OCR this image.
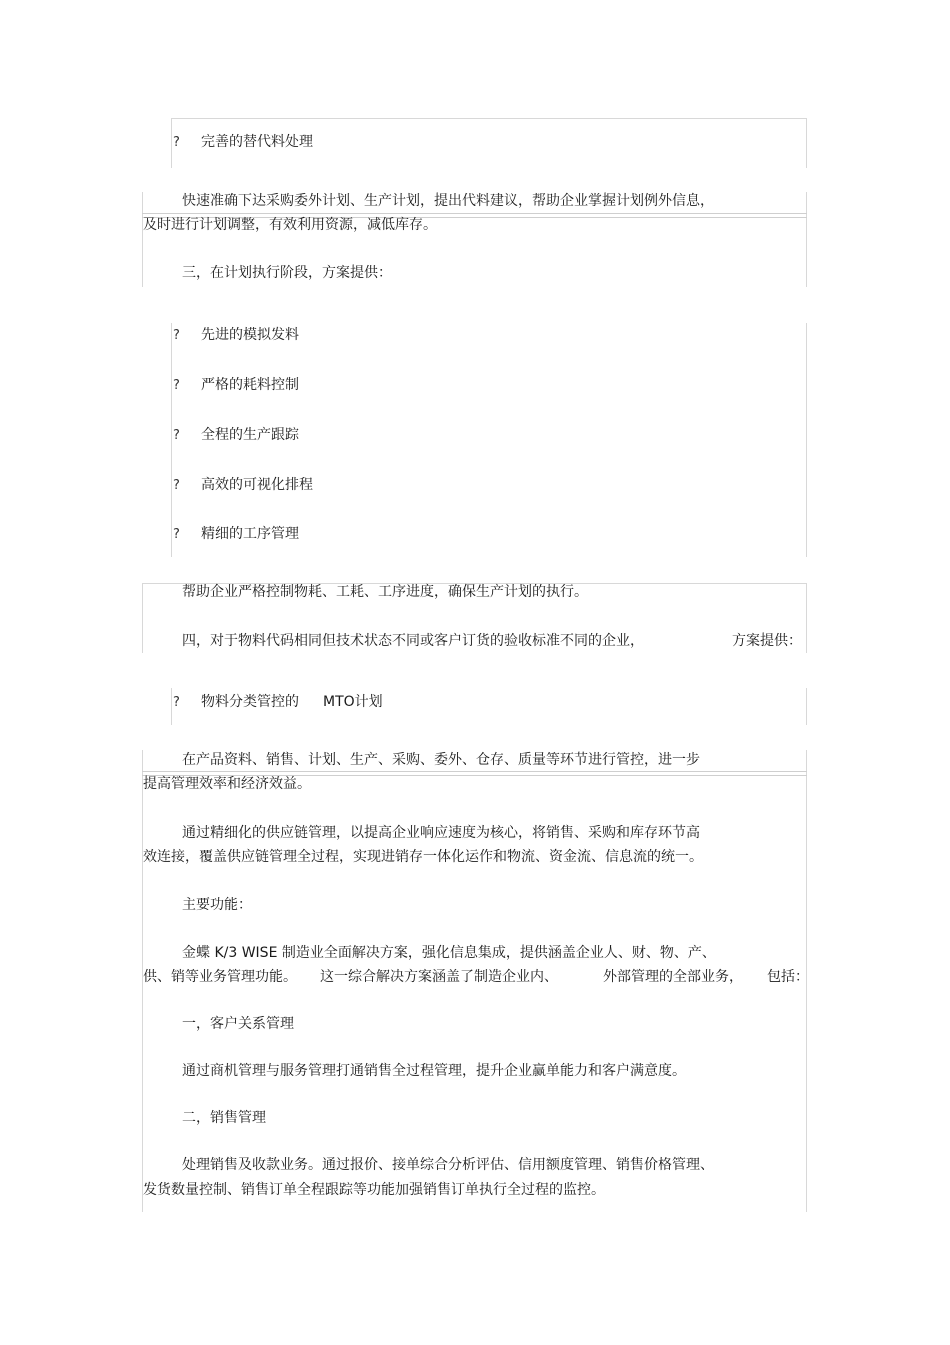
? 完善的替代料处理
快速准确下达采购委外计划、生产计划，提出代料建议，帮助企业掌握计划例外信息，
及时进行计划调整，有效利用资源，减低库存。
三，在计划执行阶段，方案提供：
? 先进的模拟发料
? 严格的耗料控制
? 全程的生产跟踪
? 高效的可视化排程
? 精细的工序管理
帮助企业严格控制物耗、工耗、工序进度，确保生产计划的执行。
四，对于物料代码相同但技术状态不同或客户订货的验收标准不同的企业，	方案提供：
? 物料分类管控的 MTO计划
在产品资料、销售、计划、生产、采购、委外、仓存、质量等环节进行管控，进一步
提高管理效率和经济效益。
通过精细化的供应链管理，以提高企业响应速度为核心，将销售、采购和库存环节高
效连接，覆盖供应链管理全过程，实现进销存一体化运作和物流、资金流、信息流的统一。
主要功能：
金蝶 K/3 WISE 制造业全面解决方案，强化信息集成，提供涵盖企业人、财、物、产、
供、销等业务管理功能。 这一综合解决方案涵盖了制造企业内、	外部管理的全部业务， 包括：
一，客户关系管理
通过商机管理与服务管理打通销售全过程管理，提升企业赢单能力和客户满意度。
二，销售管理
处理销售及收款业务。通过报价、接单综合分析评估、信用额度管理、销售价格管理、
发货数量控制、销售订单全程跟踪等功能加强销售订单执行全过程的监控。
